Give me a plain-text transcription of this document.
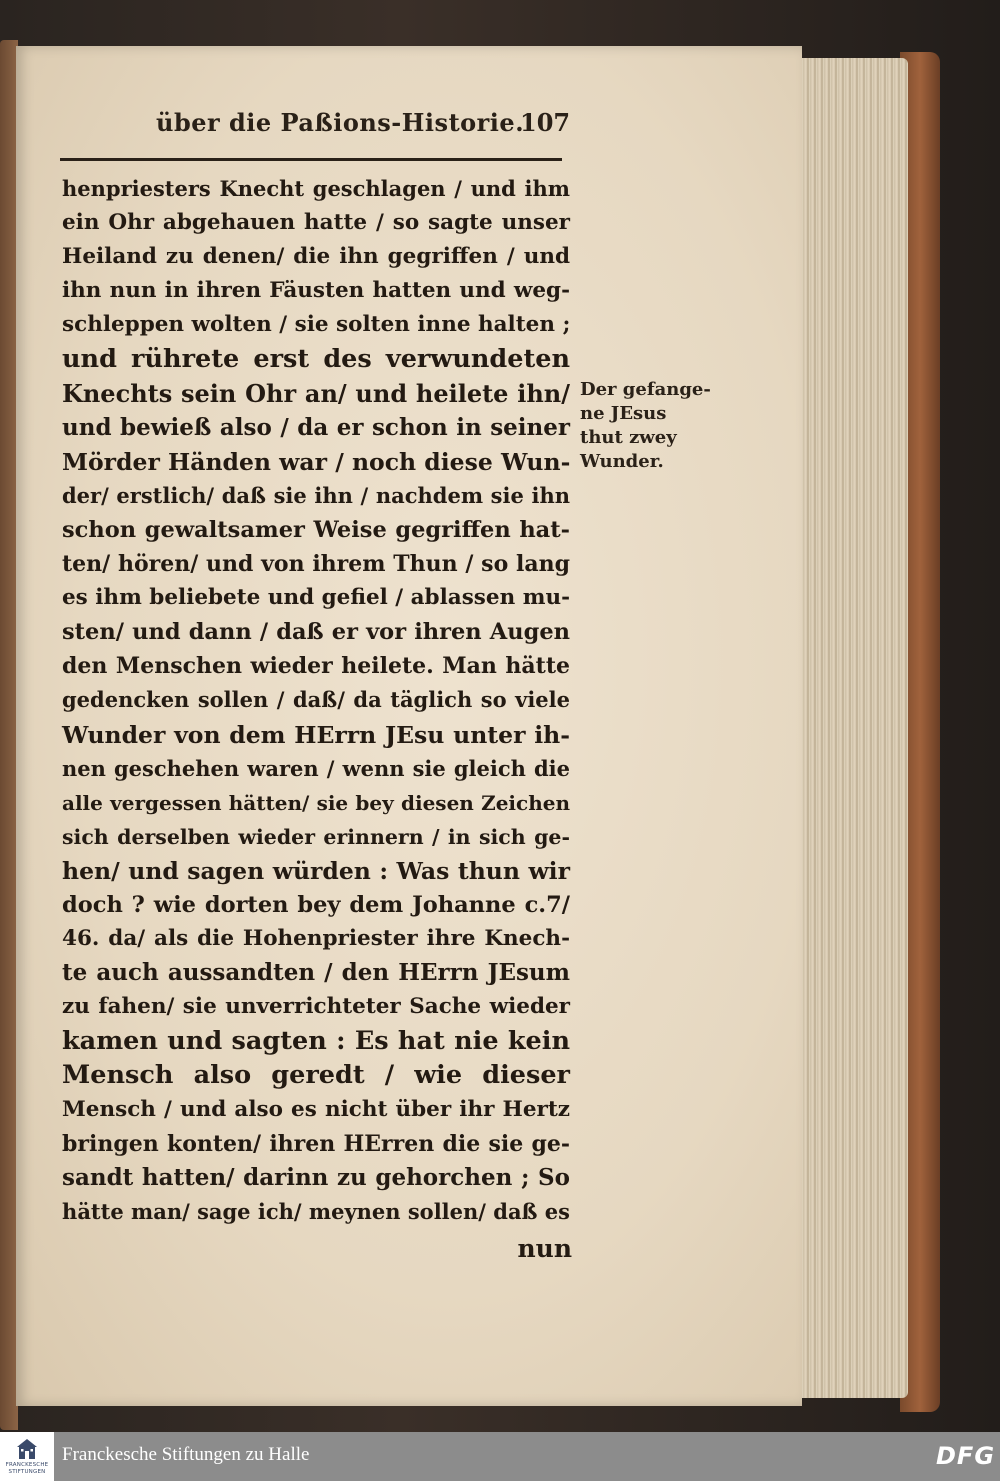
über die Paßions-Historie.
107
henpriesters Knecht geschlagen / und ihm
ein Ohr abgehauen hatte / so sagte unser
Heiland zu denen/ die ihn gegriffen / und
ihn nun in ihren Fäusten hatten und weg-
schleppen wolten / sie solten inne halten ;
und rührete erst des verwundeten
Knechts sein Ohr an/ und heilete ihn/
und bewieß also / da er schon in seiner
Mörder Händen war / noch diese Wun-
der/ erstlich/ daß sie ihn / nachdem sie ihn
schon gewaltsamer Weise gegriffen hat-
ten/ hören/ und von ihrem Thun / so lang
es ihm beliebete und gefiel / ablassen mu-
sten/ und dann / daß er vor ihren Augen
den Menschen wieder heilete. Man hätte
gedencken sollen / daß/ da täglich so viele
Wunder von dem HErrn JEsu unter ih-
nen geschehen waren / wenn sie gleich die
alle vergessen hätten/ sie bey diesen Zeichen
sich derselben wieder erinnern / in sich ge-
hen/ und sagen würden : Was thun wir
doch ? wie dorten bey dem Johanne c.7/
46. da/ als die Hohenpriester ihre Knech-
te auch aussandten / den HErrn JEsum
zu fahen/ sie unverrichteter Sache wieder
kamen und sagten : Es hat nie kein
Mensch also geredt / wie dieser
Mensch / und also es nicht über ihr Hertz
bringen konten/ ihren HErren die sie ge-
sandt hatten/ darinn zu gehorchen ; So
hätte man/ sage ich/ meynen sollen/ daß es
nun
Der gefange-
ne JEsus
thut zwey
Wunder.
FRANCKESCHE
STIFTUNGEN
Franckesche Stiftungen zu Halle	DFG
